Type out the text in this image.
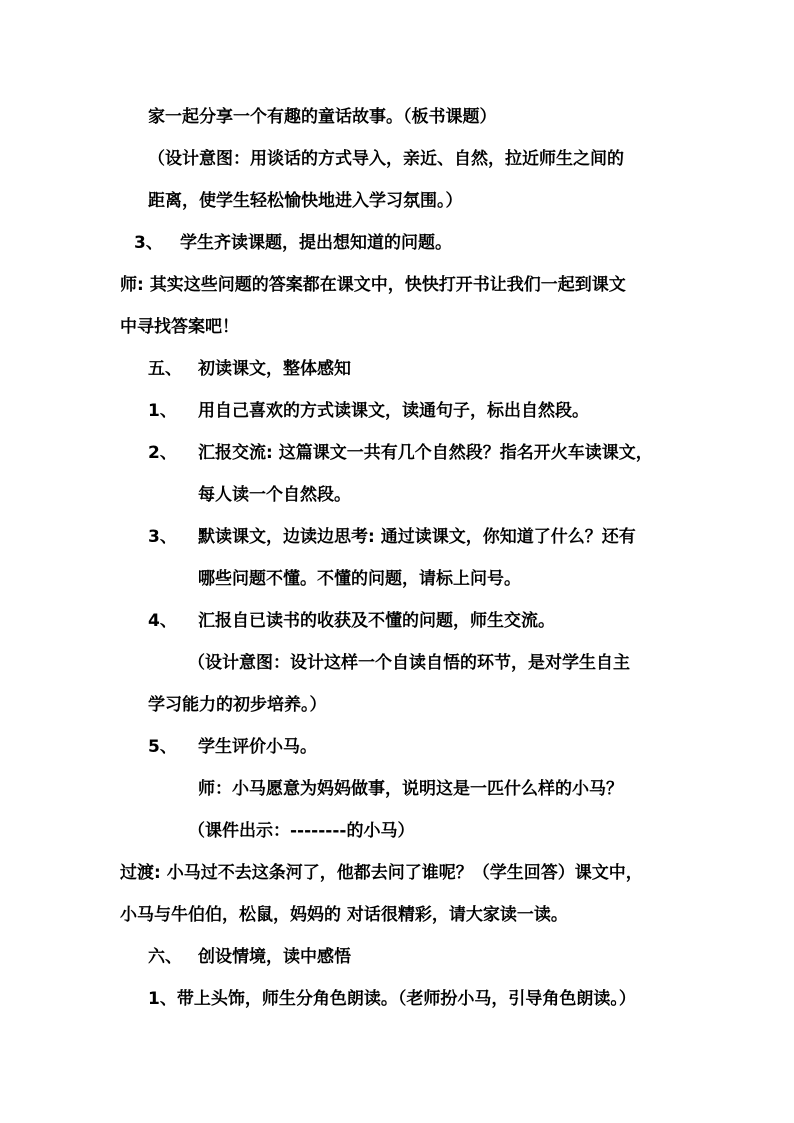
家一起分享一个有趣的童话故事。（板书课题）
（设计意图：用谈话的方式导入，亲近、自然，拉近师生之间的
距离，使学生轻松愉快地进入学习氛围。）
3、 学生齐读课题，提出想知道的问题。
师: 其实这些问题的答案都在课文中，快快打开书让我们一起到课文
中寻找答案吧！
五、 初读课文，整体感知
1、 用自己喜欢的方式读课文，读通句子，标出自然段。
2、 汇报交流: 这篇课文一共有几个自然段？指名开火车读课文，
每人读一个自然段。
3、 默读课文，边读边思考: 通过读课文，你知道了什么？还有
哪些问题不懂。不懂的问题，请标上问号。
4、 汇报自已读书的收获及不懂的问题，师生交流。
（设计意图：设计这样一个自读自悟的环节，是对学生自主
学习能力的初步培养。）
5、 学生评价小马。
师：小马愿意为妈妈做事，说明这是一匹什么样的小马？
（课件出示：--------的小马）
过渡: 小马过不去这条河了，他都去问了谁呢？（学生回答）课文中，
小马与牛伯伯，松鼠，妈妈的 对话很精彩，请大家读一读。
六、 创设情境，读中感悟
1、带上头饰，师生分角色朗读。（老师扮小马，引导角色朗读。）
